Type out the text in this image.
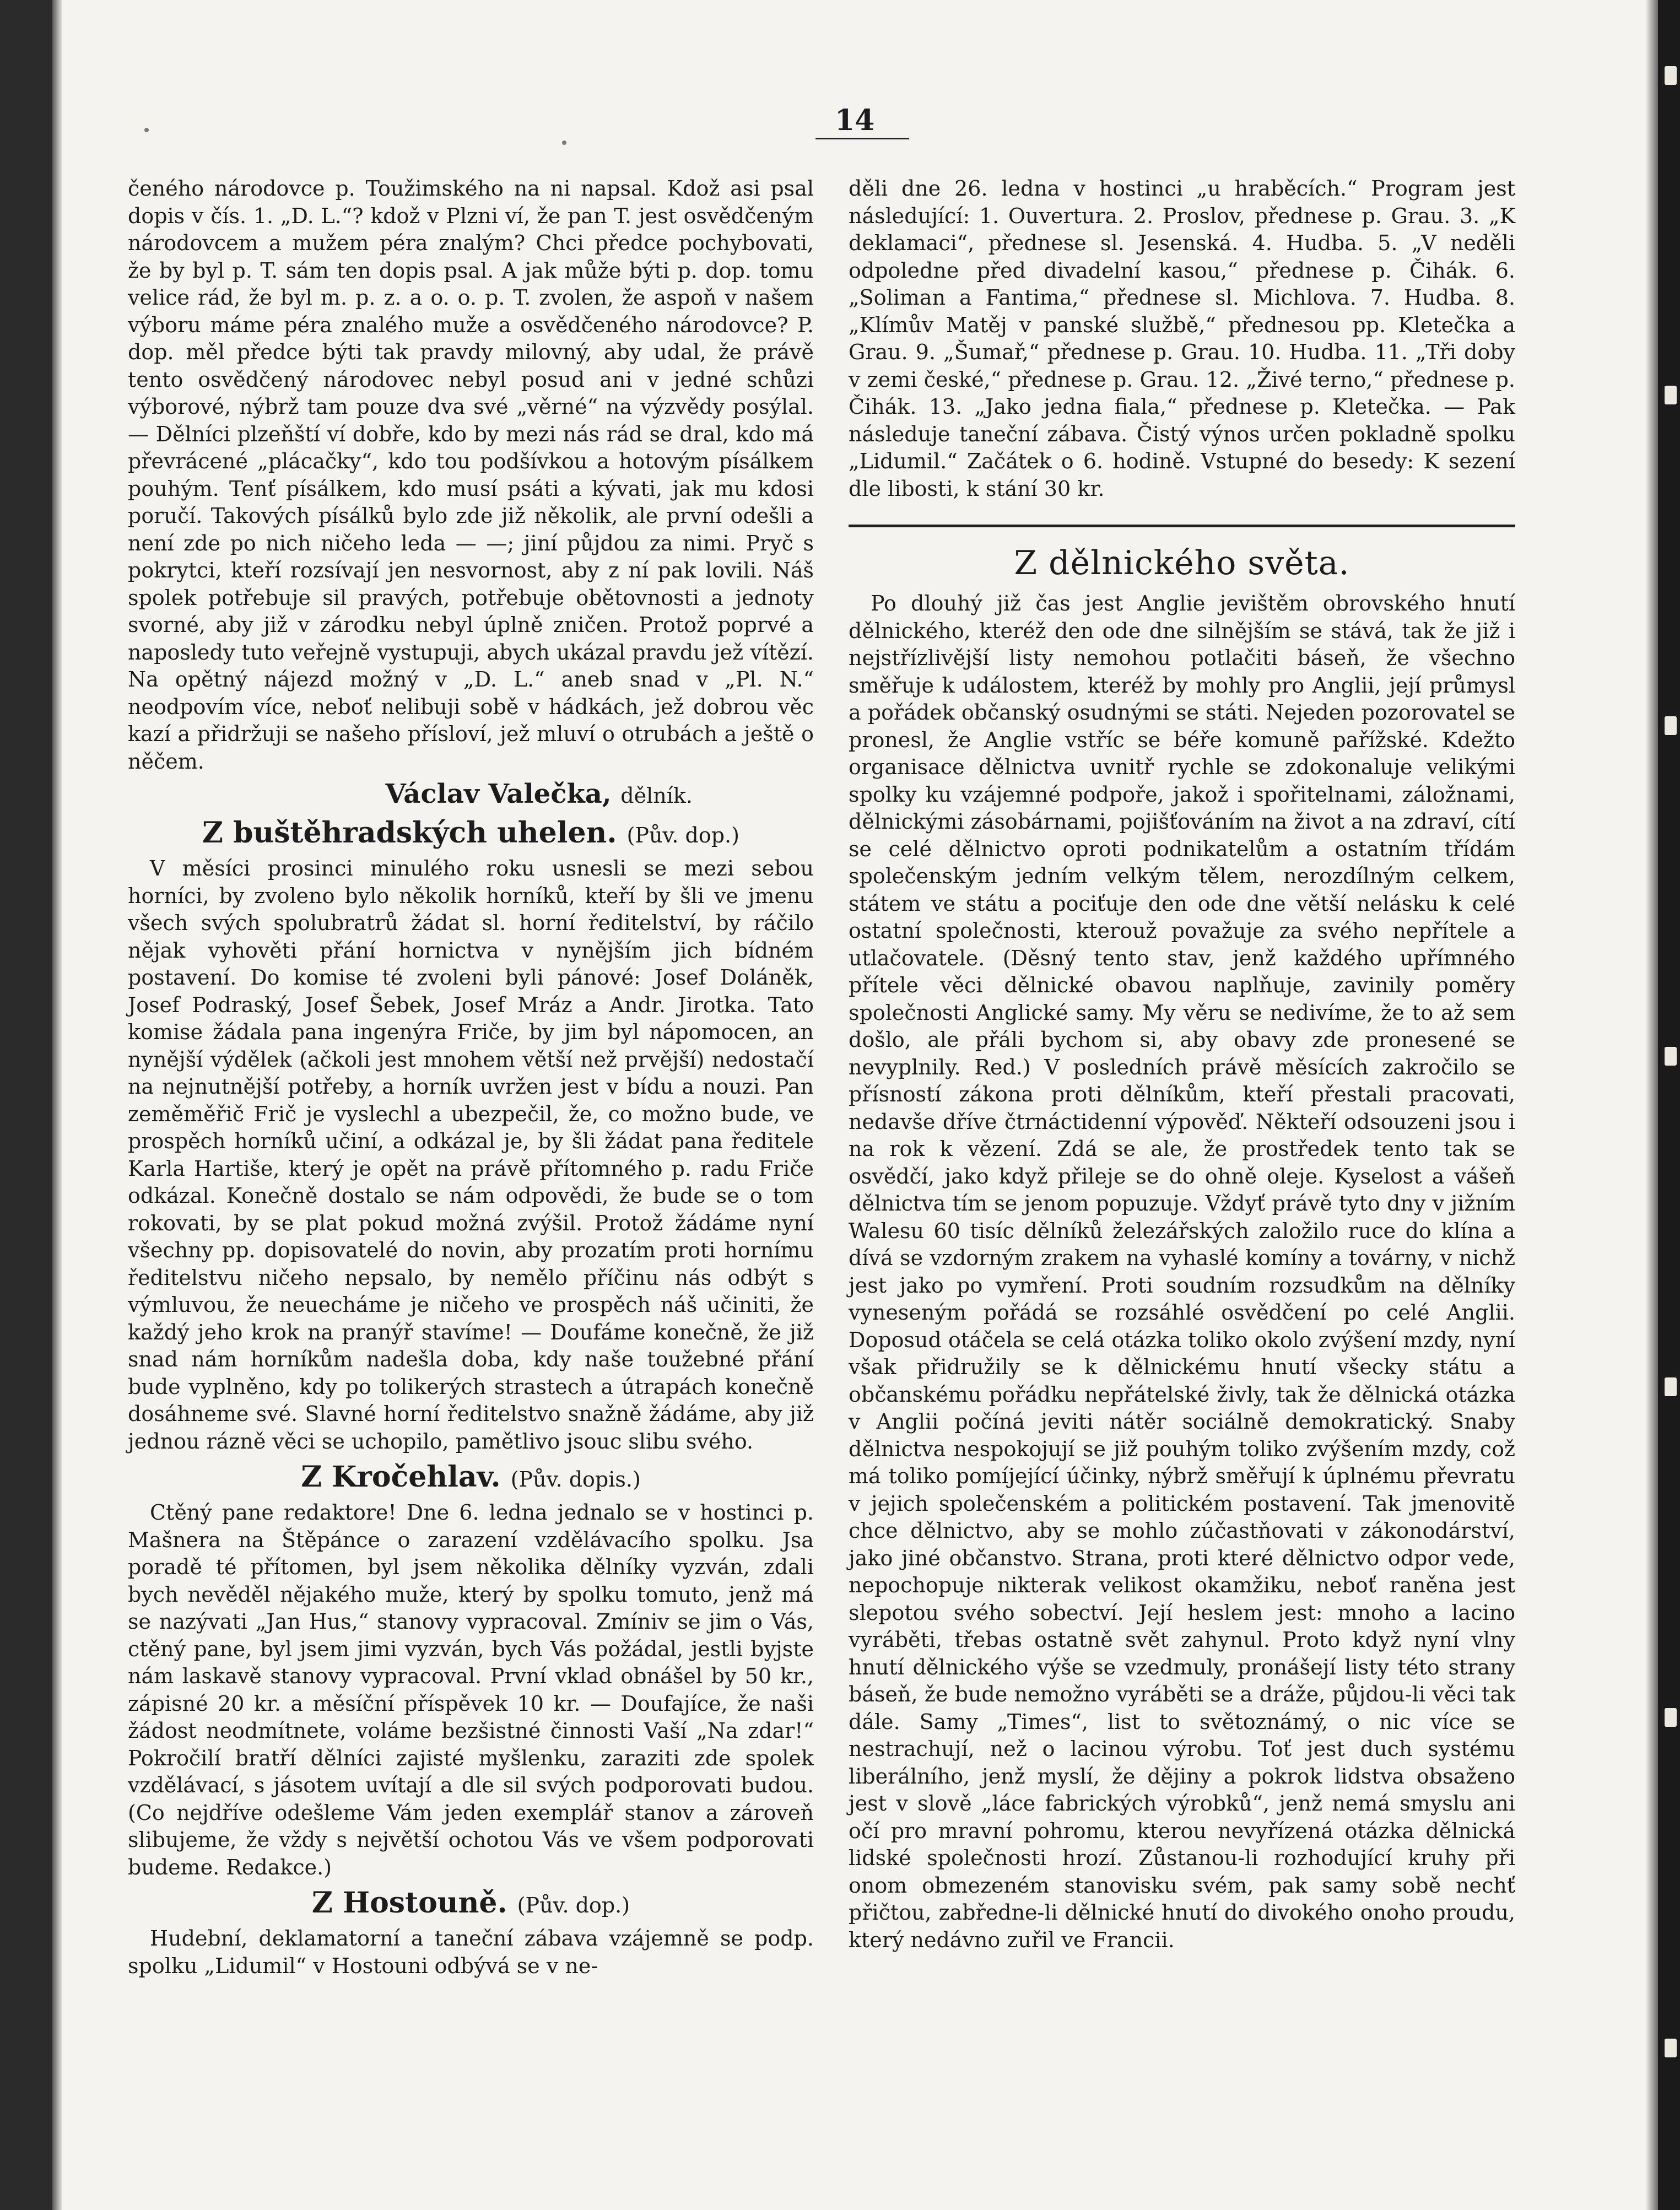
14

čeného národovce p. Toužimského na ni napsal. Kdož asi psal dopis v čís. 1. „D. L.“? kdož v Plzni ví, že pan T. jest osvědčeným národovcem a mužem péra znalým? Chci předce pochybovati, že by byl p. T. sám ten dopis psal. A jak může býti p. dop. tomu velice rád, že byl m. p. z. a o. o. p. T. zvolen, že aspoň v našem výboru máme péra znalého muže a osvědčeného národovce? P. dop. měl předce býti tak pravdy milovný, aby udal, že právě tento osvědčený národovec nebyl posud ani v jedné schůzi výborové, nýbrž tam pouze dva své „věrné“ na výzvědy posýlal. — Dělníci plzeňští ví dobře, kdo by mezi nás rád se dral, kdo má převrácené „plácačky“, kdo tou podšívkou a hotovým písálkem pouhým. Tenť písálkem, kdo musí psáti a kývati, jak mu kdosi poručí. Takových písálků bylo zde již několik, ale první odešli a není zde po nich ničeho leda — —; jiní půjdou za nimi. Pryč s pokrytci, kteří rozsívají jen nesvornost, aby z ní pak lovili. Náš spolek potřebuje sil pravých, potřebuje obětovnosti a jednoty svorné, aby již v zárodku nebyl úplně zničen. Protož poprvé a naposledy tuto veřejně vystupuji, abych ukázal pravdu jež vítězí. Na opětný nájezd možný v „D. L.“ aneb snad v „Pl. N.“ neodpovím více, neboť nelibuji sobě v hádkách, jež dobrou věc kazí a přidržuji se našeho přísloví, jež mluví o otrubách a ještě o něčem.

Václav Valečka, dělník.

Z buštěhradských uhelen. (Pův. dop.)

V měsíci prosinci minulého roku usnesli se mezi sebou horníci, by zvoleno bylo několik horníků, kteří by šli ve jmenu všech svých spolubratrů žádat sl. horní ředitelství, by ráčilo nějak vyhověti přání hornictva v nynějším jich bídném postavení. Do komise té zvoleni byli pánové: Josef Doláněk, Josef Podraský, Josef Šebek, Josef Mráz a Andr. Jirotka. Tato komise žádala pana ingenýra Friče, by jim byl nápomocen, an nynější výdělek (ačkoli jest mnohem větší než prvější) nedostačí na nejnutnější potřeby, a horník uvržen jest v bídu a nouzi. Pan zeměměřič Frič je vyslechl a ubezpečil, že, co možno bude, ve prospěch horníků učiní, a odkázal je, by šli žádat pana ředitele Karla Hartiše, který je opět na právě přítomného p. radu Friče odkázal. Konečně dostalo se nám odpovědi, že bude se o tom rokovati, by se plat pokud možná zvýšil. Protož žádáme nyní všechny pp. dopisovatelé do novin, aby prozatím proti hornímu ředitelstvu ničeho nepsalo, by nemělo příčinu nás odbýt s výmluvou, že neuecháme je ničeho ve prospěch náš učiniti, že každý jeho krok na pranýř stavíme! — Doufáme konečně, že již snad nám horníkům nadešla doba, kdy naše toužebné přání bude vyplněno, kdy po tolikerých strastech a útrapách konečně dosáhneme své. Slavné horní ředitelstvo snažně žádáme, aby již jednou rázně věci se uchopilo, pamětlivo jsouc slibu svého.

Z Kročehlav. (Pův. dopis.)

Ctěný pane redaktore! Dne 6. ledna jednalo se v hostinci p. Mašnera na Štěpánce o zarazení vzdělávacího spolku. Jsa poradě té přítomen, byl jsem několika dělníky vyzván, zdali bych nevěděl nějakého muže, který by spolku tomuto, jenž má se nazývati „Jan Hus,“ stanovy vypracoval. Zmíniv se jim o Vás, ctěný pane, byl jsem jimi vyzván, bych Vás požádal, jestli byjste nám laskavě stanovy vypracoval. První vklad obnášel by 50 kr., zápisné 20 kr. a měsíční příspěvek 10 kr. — Doufajíce, že naši žádost neodmítnete, voláme bezšistné činnosti Vaší „Na zdar!“ Pokročilí bratří dělníci zajisté myšlenku, zaraziti zde spolek vzdělávací, s jásotem uvítají a dle sil svých podporovati budou. (Co nejdříve odešleme Vám jeden exemplář stanov a zároveň slibujeme, že vždy s největší ochotou Vás ve všem podporovati budeme. Redakce.)

Z Hostouně. (Pův. dop.)

Hudební, deklamatorní a taneční zábava vzájemně se podp. spolku „Lidumil“ v Hostouni odbývá se v ne-

děli dne 26. ledna v hostinci „u hraběcích.“ Program jest následující: 1. Ouvertura. 2. Proslov, přednese p. Grau. 3. „K deklamaci“, přednese sl. Jesenská. 4. Hudba. 5. „V neděli odpoledne před divadelní kasou,“ přednese p. Čihák. 6. „Soliman a Fantima,“ přednese sl. Michlova. 7. Hudba. 8. „Klímův Matěj v panské službě,“ přednesou pp. Kletečka a Grau. 9. „Šumař,“ přednese p. Grau. 10. Hudba. 11. „Tři doby v zemi české,“ přednese p. Grau. 12. „Živé terno,“ přednese p. Čihák. 13. „Jako jedna fiala,“ přednese p. Kletečka. — Pak následuje taneční zábava. Čistý výnos určen pokladně spolku „Lidumil.“ Začátek o 6. hodině. Vstupné do besedy: K sezení dle libosti, k stání 30 kr.

Z dělnického světa.

Po dlouhý již čas jest Anglie jevištěm obrovského hnutí dělnického, kteréž den ode dne silnějším se stává, tak že již i nejstřízlivější listy nemohou potlačiti báseň, že všechno směřuje k událostem, kteréž by mohly pro Anglii, její průmysl a pořádek občanský osudnými se státi. Nejeden pozorovatel se pronesl, že Anglie vstříc se béře komuně pařížské. Kdežto organisace dělnictva uvnitř rychle se zdokonaluje velikými spolky ku vzájemné podpoře, jakož i spořitelnami, záložnami, dělnickými zásobárnami, pojišťováním na život a na zdraví, cítí se celé dělnictvo oproti podnikatelům a ostatním třídám společenským jedním velkým tělem, nerozdílným celkem, státem ve státu a pociťuje den ode dne větší nelásku k celé ostatní společnosti, kterouž považuje za svého nepřítele a utlačovatele. (Děsný tento stav, jenž každého upřímného přítele věci dělnické obavou naplňuje, zavinily poměry společnosti Anglické samy. My věru se nedivíme, že to až sem došlo, ale přáli bychom si, aby obavy zde pronesené se nevyplnily. Red.) V posledních právě měsících zakročilo se přísností zákona proti dělníkům, kteří přestali pracovati, nedavše dříve čtrnáctidenní výpověď. Někteří odsouzeni jsou i na rok k vězení. Zdá se ale, že prostředek tento tak se osvědčí, jako když přileje se do ohně oleje. Kyselost a vášeň dělnictva tím se jenom popuzuje. Vždyť právě tyto dny v jižním Walesu 60 tisíc dělníků železářských založilo ruce do klína a dívá se vzdorným zrakem na vyhaslé komíny a továrny, v nichž jest jako po vymření. Proti soudním rozsudkům na dělníky vyneseným pořádá se rozsáhlé osvědčení po celé Anglii. Doposud otáčela se celá otázka toliko okolo zvýšení mzdy, nyní však přidružily se k dělnickému hnutí všecky státu a občanskému pořádku nepřátelské živly, tak že dělnická otázka v Anglii počíná jeviti nátěr sociálně demokratický. Snaby dělnictva nespokojují se již pouhým toliko zvýšením mzdy, což má toliko pomíjející účinky, nýbrž směřují k úplnému převratu v jejich společenském a politickém postavení. Tak jmenovitě chce dělnictvo, aby se mohlo zúčastňovati v zákonodárství, jako jiné občanstvo. Strana, proti které dělnictvo odpor vede, nepochopuje nikterak velikost okamžiku, neboť raněna jest slepotou svého sobectví. Její heslem jest: mnoho a lacino vyráběti, třebas ostatně svět zahynul. Proto když nyní vlny hnutí dělnického výše se vzedmuly, pronášejí listy této strany báseň, že bude nemožno vyráběti se a dráže, půjdou-li věci tak dále. Samy „Times“, list to světoznámý, o nic více se nestrachují, než o lacinou výrobu. Toť jest duch systému liberálního, jenž myslí, že dějiny a pokrok lidstva obsaženo jest v slově „láce fabrických výrobků“, jenž nemá smyslu ani očí pro mravní pohromu, kterou nevyřízená otázka dělnická lidské společnosti hrozí. Zůstanou-li rozhodující kruhy při onom obmezeném stanovisku svém, pak samy sobě nechť přičtou, zabředne-li dělnické hnutí do divokého onoho proudu, který nedávno zuřil ve Francii.
